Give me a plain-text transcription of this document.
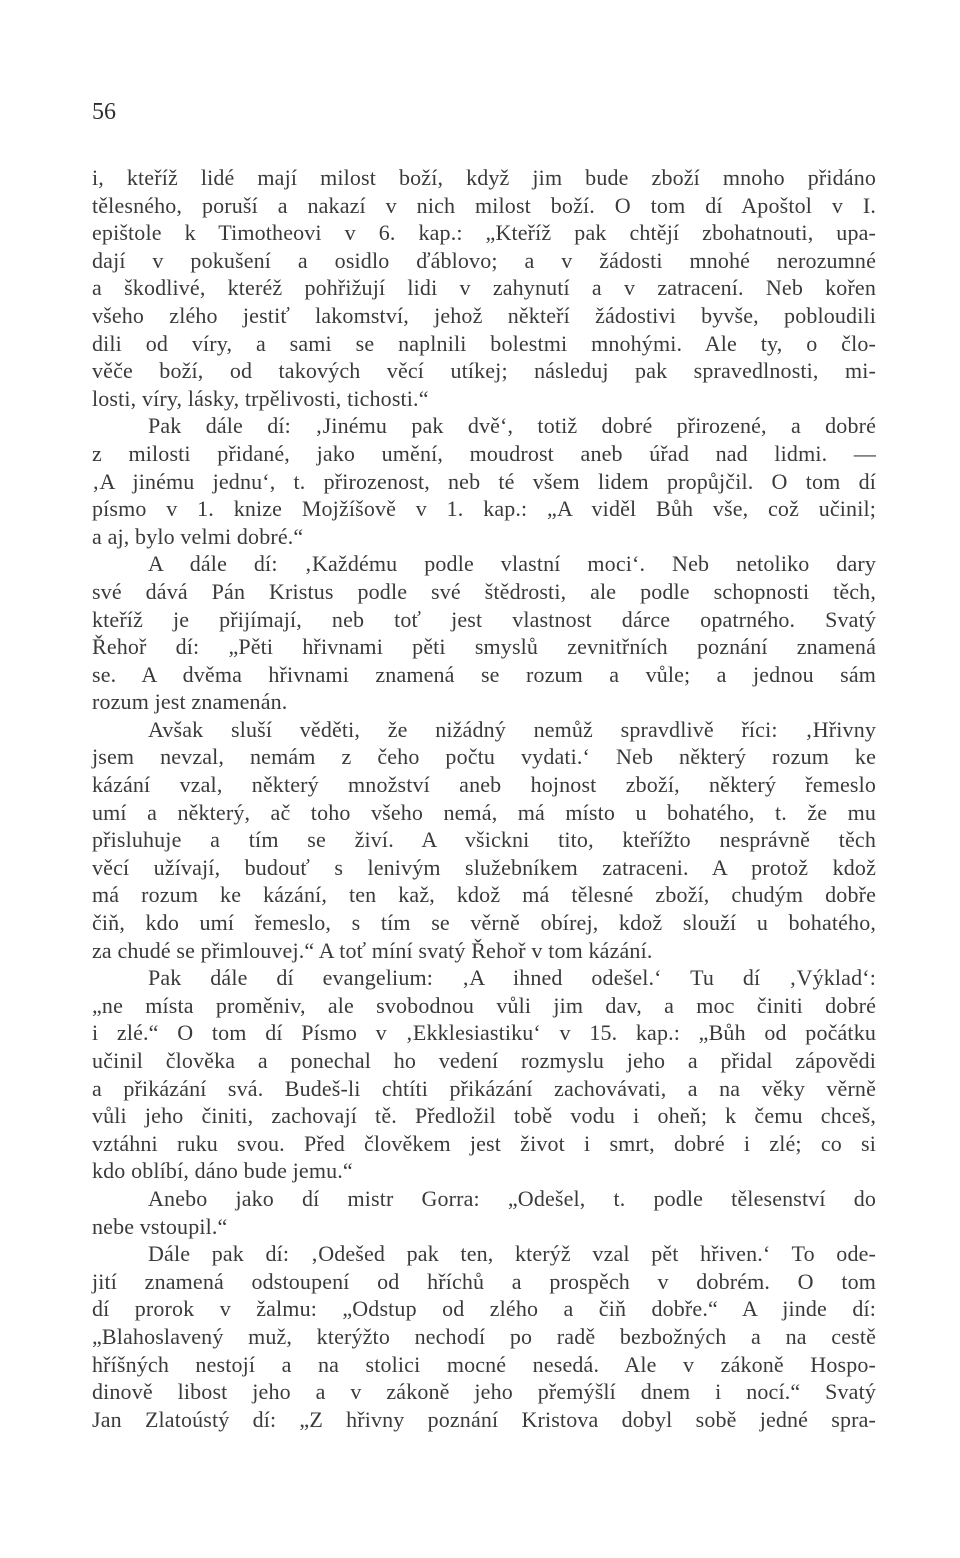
56
i, kteříž lidé mají milost boží, když jim bude zboží mnoho přidáno
tělesného, poruší a nakazí v nich milost boží. O tom dí Apoštol v I.
epištole k Timotheovi v 6. kap.: „Kteříž pak chtějí zbohatnouti, upa-
dají v pokušení a osidlo ďáblovo; a v žádosti mnohé nerozumné
a škodlivé, kteréž pohřižují lidi v zahynutí a v zatracení. Neb kořen
všeho zlého jestiť lakomství, jehož někteří žádostivi byvše, pobloudili
dili od víry, a sami se naplnili bolestmi mnohými. Ale ty, o člo-
věče boží, od takových věcí utíkej; následuj pak spravedlnosti, mi-
losti, víry, lásky, trpělivosti, tichosti.“
Pak dále dí: ‚Jinému pak dvě‘, totiž dobré přirozené, a dobré
z milosti přidané, jako umění, moudrost aneb úřad nad lidmi. —
‚A jinému jednu‘, t. přirozenost, neb té všem lidem propůjčil. O tom dí
písmo v 1. knize Mojžíšově v 1. kap.: „A viděl Bůh vše, což učinil;
a aj, bylo velmi dobré.“
A dále dí: ‚Každému podle vlastní moci‘. Neb netoliko dary
své dává Pán Kristus podle své štědrosti, ale podle schopnosti těch,
kteříž je přijímají, neb toť jest vlastnost dárce opatrného. Svatý
Řehoř dí: „Pěti hřivnami pěti smyslů zevnitřních poznání znamená
se. A dvěma hřivnami znamená se rozum a vůle; a jednou sám
rozum jest znamenán.
Avšak sluší věděti, že nižádný nemůž spravdlivě říci: ‚Hřivny
jsem nevzal, nemám z čeho počtu vydati.‘ Neb některý rozum ke
kázání vzal, některý množství aneb hojnost zboží, některý řemeslo
umí a některý, ač toho všeho nemá, má místo u bohatého, t. že mu
přisluhuje a tím se živí. A všickni tito, kteřížto nesprávně těch
věcí užívají, budouť s lenivým služebníkem zatraceni. A protož kdož
má rozum ke kázání, ten kaž, kdož má tělesné zboží, chudým dobře
čiň, kdo umí řemeslo, s tím se věrně obírej, kdož slouží u bohatého,
za chudé se přimlouvej.“ A toť míní svatý Řehoř v tom kázání.
Pak dále dí evangelium: ‚A ihned odešel.‘ Tu dí ‚Výklad‘:
„ne místa proměniv, ale svobodnou vůli jim dav, a moc činiti dobré
i zlé.“ O tom dí Písmo v ‚Ekklesiastiku‘ v 15. kap.: „Bůh od počátku
učinil člověka a ponechal ho vedení rozmyslu jeho a přidal zápovědi
a přikázání svá. Budeš-li chtíti přikázání zachovávati, a na věky věrně
vůli jeho činiti, zachovají tě. Předložil tobě vodu i oheň; k čemu chceš,
vztáhni ruku svou. Před člověkem jest život i smrt, dobré i zlé; co si
kdo oblíbí, dáno bude jemu.“
Anebo jako dí mistr Gorra: „Odešel, t. podle tělesenství do
nebe vstoupil.“
Dále pak dí: ‚Odešed pak ten, kterýž vzal pět hřiven.‘ To ode-
jití znamená odstoupení od hříchů a prospěch v dobrém. O tom
dí prorok v žalmu: „Odstup od zlého a čiň dobře.“ A jinde dí:
„Blahoslavený muž, kterýžto nechodí po radě bezbožných a na cestě
hříšných nestojí a na stolici mocné nesedá. Ale v zákoně Hospo-
dinově libost jeho a v zákoně jeho přemýšlí dnem i nocí.“ Svatý
Jan Zlatoústý dí: „Z hřivny poznání Kristova dobyl sobě jedné spra-
